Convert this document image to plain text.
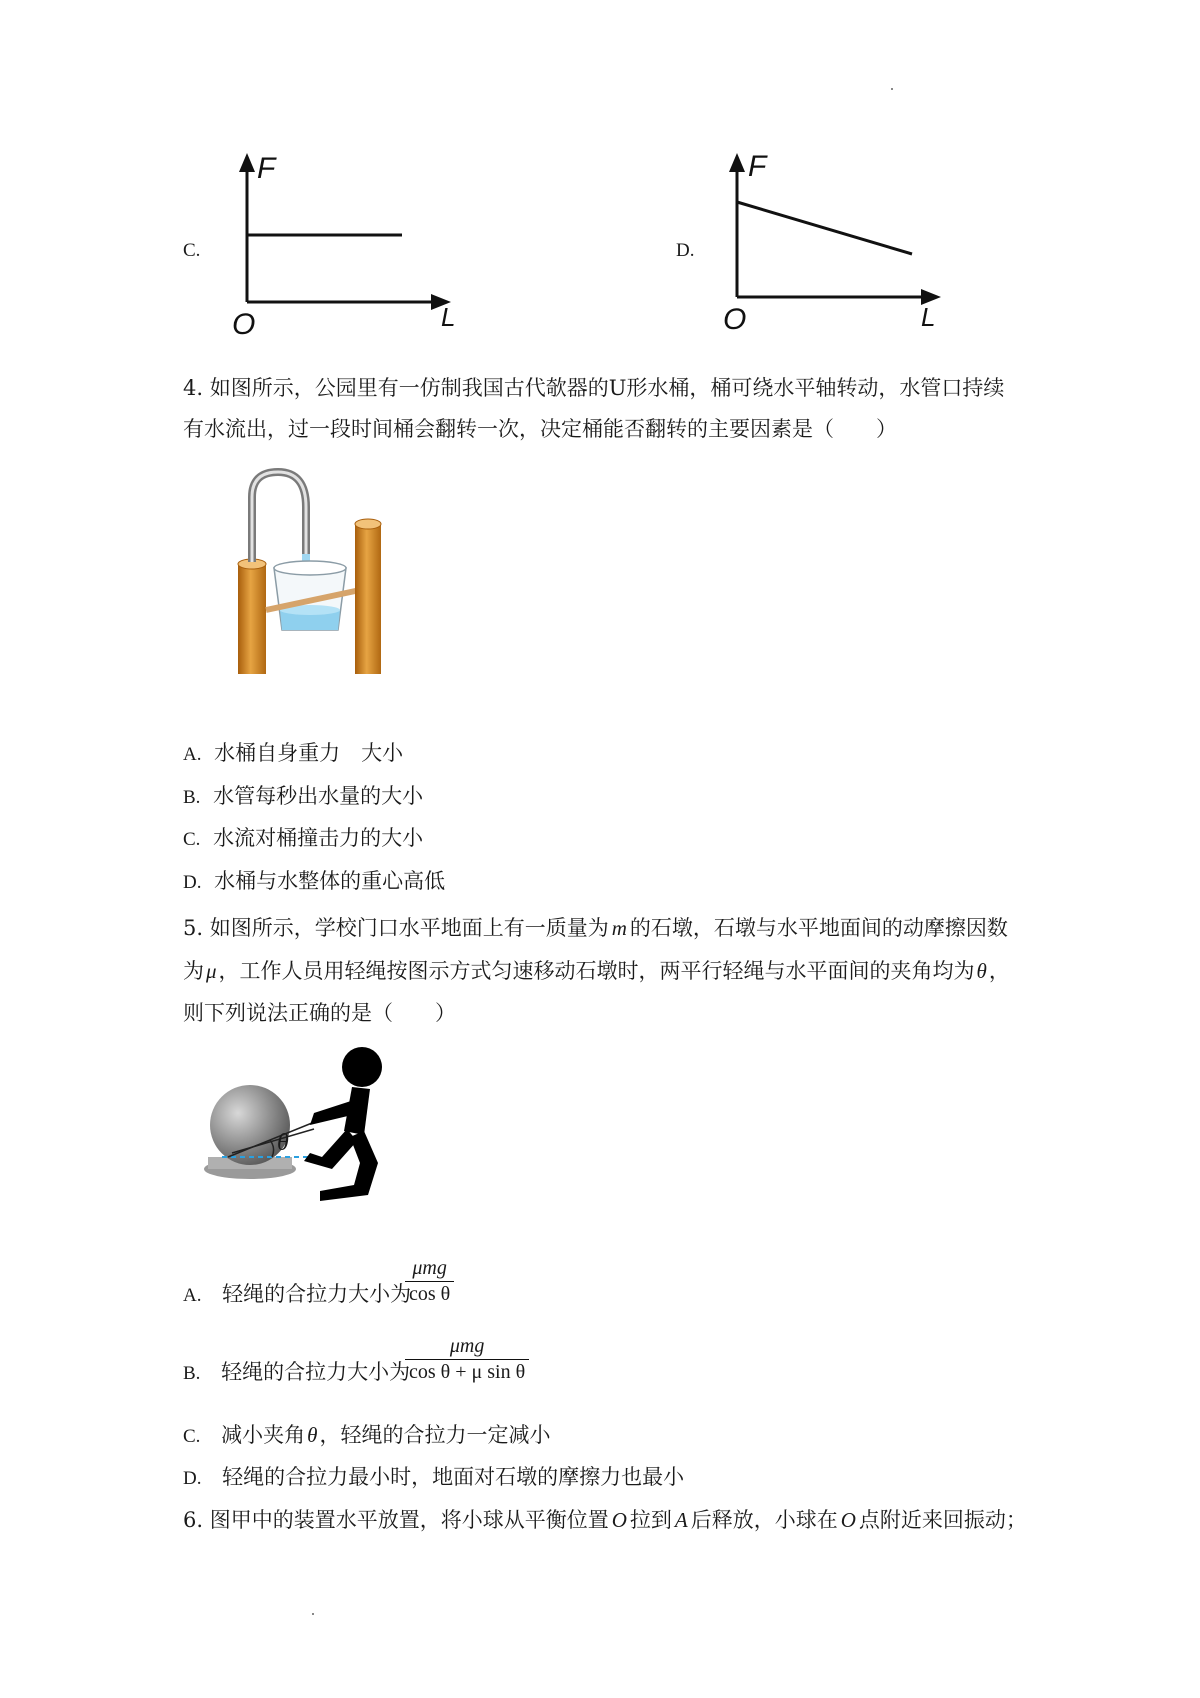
C.
F
O	L
D.
F
O	L
4. 如图所示，公园里有一仿制我国古代欹器的U形水桶，桶可绕水平轴转动，水管口持续有水流出，过一段时间桶会翻转一次，决定桶能否翻转的主要因素是（　　）
A. 水桶自身重力　大小
B. 水管每秒出水量的大小
C. 水流对桶撞击力的大小
D. 水桶与水整体的重心高低
5. 如图所示，学校门口水平地面上有一质量为 m 的石墩，石墩与水平地面间的动摩擦因数
为μ，工作人员用轻绳按图示方式匀速移动石墩时，两平行轻绳与水平面间的夹角均为θ，
则下列说法正确的是（　　）
θ
A. 轻绳的合拉力大小为
μmg
cos θ
B. 轻绳的合拉力大小为
μmg
cos θ + μ sin θ
C. 减小夹角θ，轻绳的合拉力一定减小
D. 轻绳的合拉力最小时，地面对石墩的摩擦力也最小
6. 图甲中的装置水平放置，将小球从平衡位置 O 拉到 A 后释放，小球在 O 点附近来回振动；
